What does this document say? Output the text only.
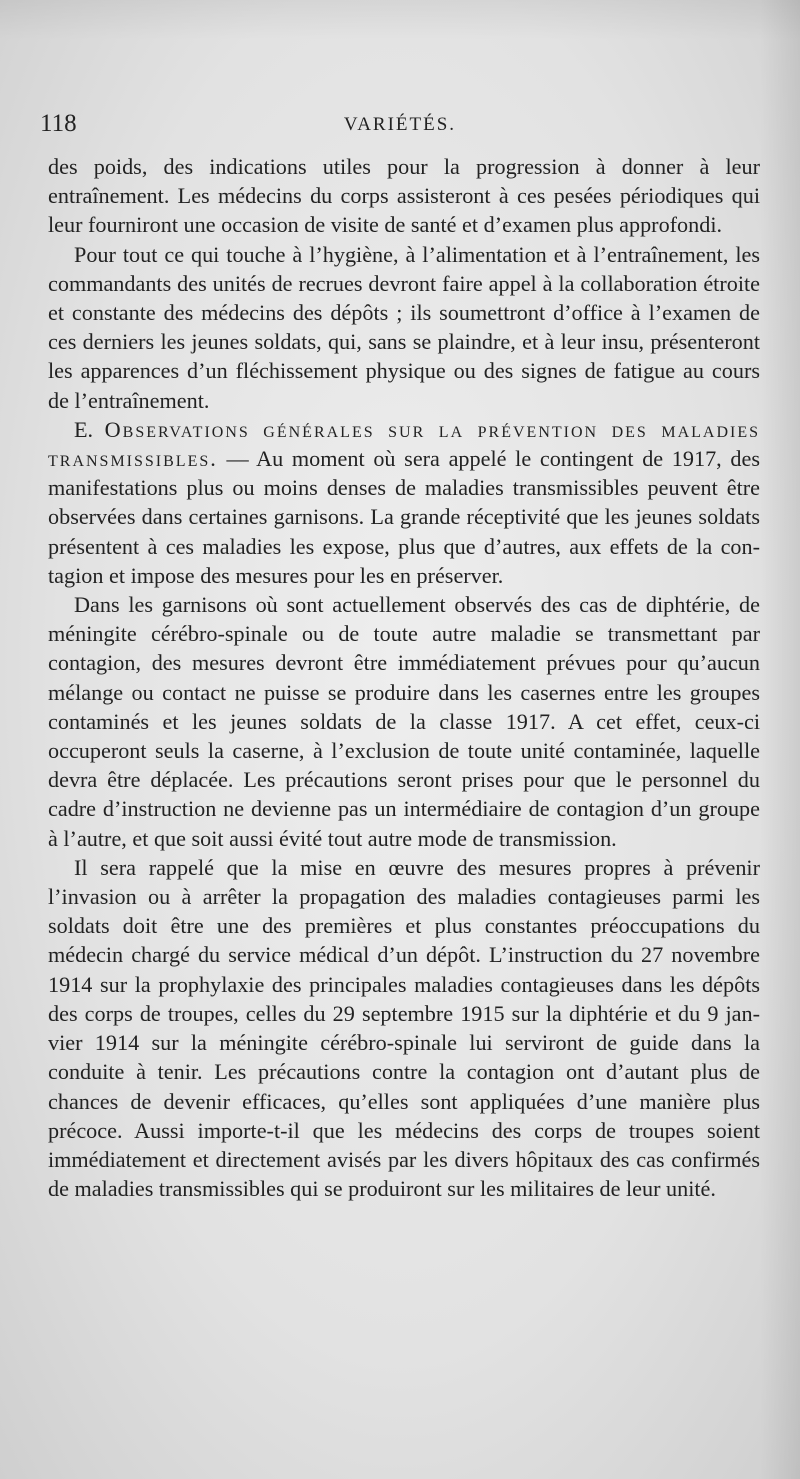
118	VARIÉTÉS.

des poids, des indications utiles pour la progression à donner à leur entraînement. Les médecins du corps assisteront à ces pesées périodiques qui leur fourniront une occasion de visite de santé et d’examen plus approfondi.

Pour tout ce qui touche à l’hygiène, à l’alimentation et à l’entraînement, les commandants des unités de recrues devront faire appel à la collaboration étroite et constante des médecins des dépôts ; ils soumettront d’office à l’examen de ces derniers les jeunes soldats, qui, sans se plaindre, et à leur insu, présenteront les apparences d’un fléchissement physique ou des signes de fatigue au cours de l’entraînement.

E. Observations générales sur la prévention des maladies transmissibles. — Au moment où sera appelé le contingent de 1917, des manifestations plus ou moins denses de maladies transmissibles peuvent être observées dans certaines garnisons. La grande réceptivité que les jeunes soldats présentent à ces maladies les expose, plus que d’autres, aux effets de la contagion et impose des mesures pour les en préserver.

Dans les garnisons où sont actuellement observés des cas de diphtérie, de méningite cérébro-spinale ou de toute autre maladie se transmettant par contagion, des mesures devront être immédiatement prévues pour qu’aucun mélange ou contact ne puisse se produire dans les casernes entre les groupes contaminés et les jeunes soldats de la classe 1917. A cet effet, ceux-ci occuperont seuls la caserne, à l’exclusion de toute unité contaminée, laquelle devra être déplacée. Les précautions seront prises pour que le personnel du cadre d’instruction ne devienne pas un intermédiaire de contagion d’un groupe à l’autre, et que soit aussi évité tout autre mode de transmission.

Il sera rappelé que la mise en œuvre des mesures propres à prévenir l’invasion ou à arrêter la propagation des maladies contagieuses parmi les soldats doit être une des premières et plus constantes préoccupations du médecin chargé du service médical d’un dépôt. L’instruction du 27 novembre 1914 sur la prophylaxie des principales maladies contagieuses dans les dépôts des corps de troupes, celles du 29 septembre 1915 sur la diphtérie et du 9 janvier 1914 sur la méningite cérébro-spinale lui serviront de guide dans la conduite à tenir. Les précautions contre la contagion ont d’autant plus de chances de devenir efficaces, qu’elles sont appliquées d’une manière plus précoce. Aussi importe-t-il que les médecins des corps de troupes soient immédiatement et directement avisés par les divers hôpitaux des cas confirmés de maladies transmissibles qui se produiront sur les militaires de leur unité.
